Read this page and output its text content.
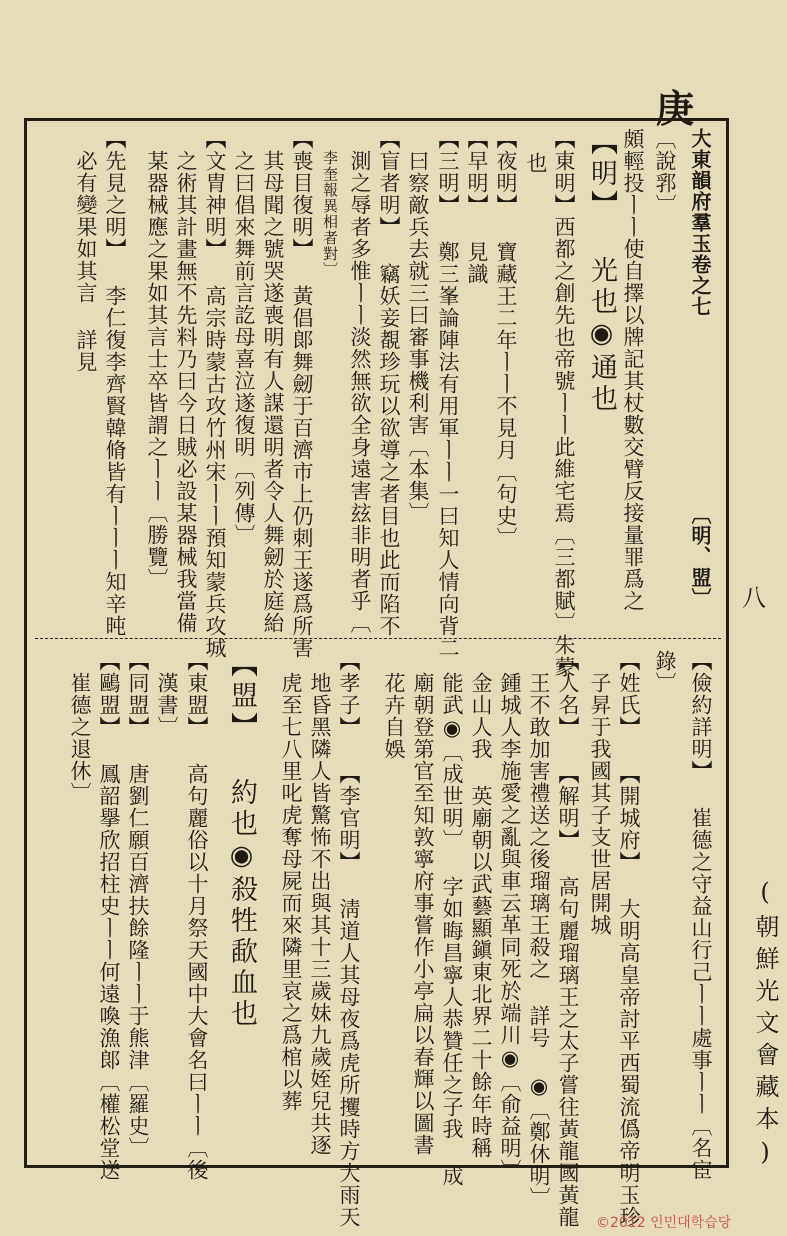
庚
八
(朝鮮光文會藏本)
大東韻府羣玉卷之七
〔明、盟〕
〔說郛〕
頗輕投ㅣㅣ使自擇以牌記其杖數交臂反接量罪爲之
【明】 光也◉通也
【東明】西都之創先也帝號ㅣㅣ此維宅焉〔三都賦〕朱蒙
也
【夜明】 寶藏王二年ㅣㅣ不見月〔句史〕
【早明】 見識
【三明】 鄭三峯論陣法有用軍ㅣㅣ一曰知人情向背二
曰察敵兵去就三曰審事機利害〔本集〕
【盲者明】 竊妖妾覩珍玩以欲導之者目也此而陷不
測之辱者多惟ㅣㅣ淡然無欲全身遠害玆非明者乎〔
李奎報異相者對〕
【喪目復明】 黃倡郞舞劒于百濟市上仍刺王遂爲所害
其母聞之號哭遂喪明有人謀還明者令人舞劒於庭紿
之曰倡來舞前言訖母喜泣遂復明〔列傳〕
【文胄神明】 高宗時蒙古攻竹州宋ㅣㅣ預知蒙兵攻城
之術其計畫無不先料乃曰今日賊必設某器械我當備
某器械應之果如其言士卒皆謂之ㅣㅣ〔勝覽〕
【先見之明】 李仁復李齊賢韓脩皆有ㅣㅣㅣ知辛旽
必有變果如其言 詳見
【儉約詳明】 崔德之守益山行己ㅣㅣ處事ㅣㅣ〔名宦
錄〕
【姓氏】 【開城府】 大明高皇帝討平西蜀流僞帝明玉珍
子昇于我國其子支世居開城
【人名】 【解明】 高句麗瑠璃王之太子嘗往黃龍國黃龍
王不敢加害禮送之後瑠璃王殺之 詳号 ◉〔鄭休明〕
鍾城人李施愛之亂與車云革同死於端川◉〔俞益明〕
金山人我 英廟朝以武藝顯鎭東北界二十餘年時稱
能武◉〔成世明〕 字如晦昌寧人恭贊任之子我 成
廟朝登第官至知敦寧府事嘗作小亭扁以春輝以圖書
花卉自娛
【孝子】 【李官明】 淸道人其母夜爲虎所攫時方大雨天
地昏黑隣人皆驚怖不出與其十三歲妹九歲姪兒共逐
虎至七八里叱虎奪母屍而來隣里哀之爲棺以葬
【盟】 約也◉殺牲歃血也
【東盟】 高句麗俗以十月祭天國中大會名曰ㅣㅣ〔後
漢書〕
【同盟】 唐劉仁願百濟扶餘隆ㅣㅣ于熊津〔羅史〕
【鷗盟】 鳳韶擧欣招柱史ㅣㅣ何遠喚漁郞〔權松堂送
崔德之退休〕
©2012 인민대학습당
